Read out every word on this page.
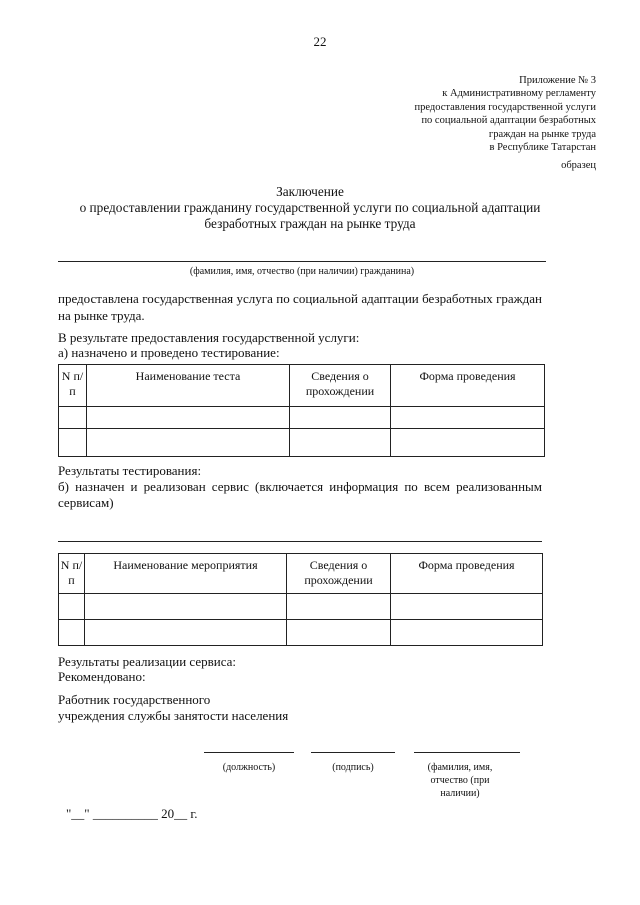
22
Приложение № 3
к Административному регламенту
предоставления государственной услуги
по социальной адаптации безработных
граждан на рынке труда
в Республике Татарстан
образец
Заключение
о предоставлении гражданину государственной услуги по социальной адаптации
безработных граждан на рынке труда
(фамилия, имя, отчество (при наличии) гражданина)
предоставлена государственная услуга по социальной адаптации безработных граждан
на рынке труда.
В результате предоставления государственной услуги:
а) назначено и проведено тестирование:
N п/п	Наименование теста	Сведения о прохождении	Форма проведения

Результаты тестирования:
б) назначен и реализован сервис (включается информация по всем реализованным
сервисам)
N п/п	Наименование мероприятия	Сведения о прохождении	Форма проведения

Результаты реализации сервиса:
Рекомендовано:
Работник государственного
учреждения службы занятости населения
(должность)	(подпись)	(фамилия, имя, отчество (при наличии)
"__" __________ 20__ г.
